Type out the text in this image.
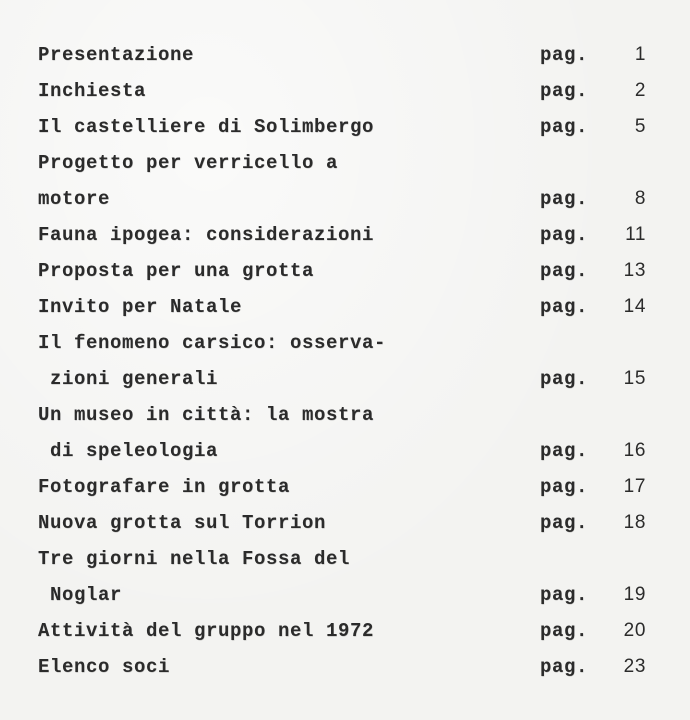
Presentazione	pag. 1
Inchiesta	pag. 2
Il castelliere di Solimbergo	pag. 5
Progetto per verricello a
motore	pag. 8
Fauna ipogea: considerazioni	pag. 11
Proposta per una grotta	pag. 13
Invito per Natale	pag. 14
Il fenomeno carsico: osserva-
zioni generali	pag. 15
Un museo in città: la mostra
di speleologia	pag. 16
Fotografare in grotta	pag. 17
Nuova grotta sul Torrion	pag. 18
Tre giorni nella Fossa del
Noglar	pag. 19
Attività del gruppo nel 1972	pag. 20
Elenco soci	pag. 23
